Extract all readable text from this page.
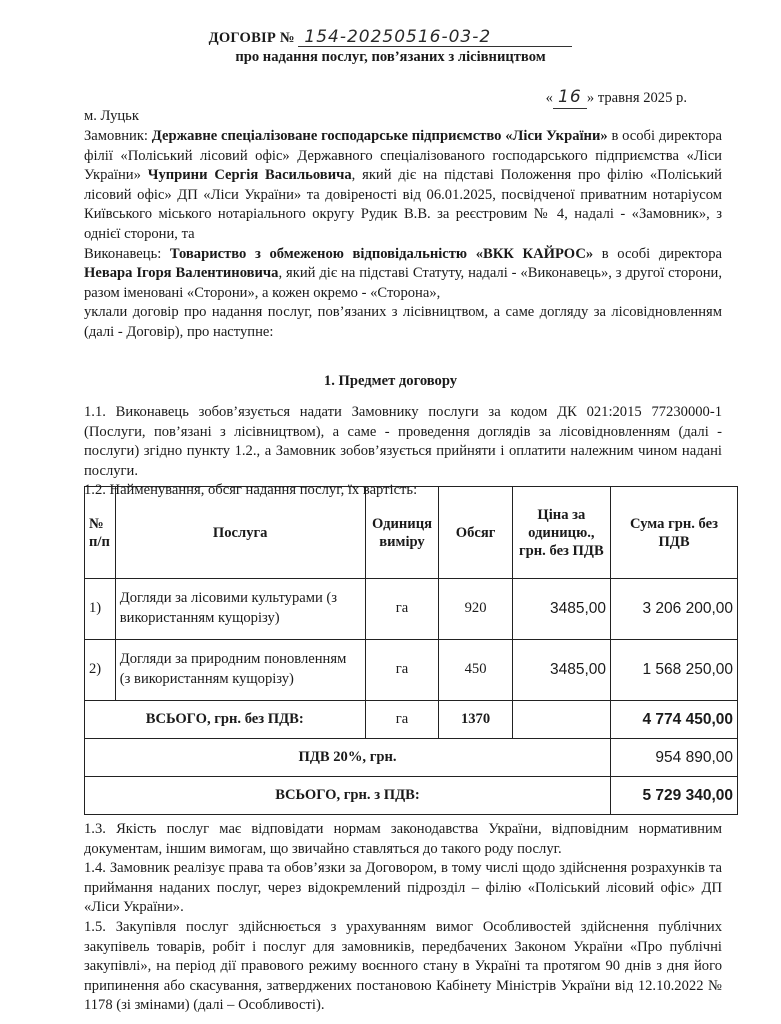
ДОГОВІР № 154-20250516-03-2
про надання послуг, пов’язаних з лісівництвом
« 16 » травня 2025 р.
м. Луцьк

Замовник: Державне спеціалізоване господарське підприємство «Ліси України» в особі директора філії «Поліський лісовий офіс» Державного спеціалізованого господарського підприємства «Ліси України» Чуприни Сергія Васильовича, який діє на підставі Положення про філію «Поліський лісовий офіс» ДП «Ліси України» та довіреності від 06.01.2025, посвідченої приватним нотаріусом Київського міського нотаріального округу Рудик В.В. за реєстровим № 4, надалі - «Замовник», з однієї сторони, та

Виконавець: Товариство з обмеженою відповідальністю «ВКК КАЙРОС» в особі директора Невара Ігоря Валентиновича, який діє на підставі Статуту, надалі - «Виконавець», з другої сторони, разом іменовані «Сторони», а кожен окремо - «Сторона»,

уклали договір про надання послуг, пов’язаних з лісівництвом, а саме догляду за лісовідновленням (далі - Договір), про наступне:

1. Предмет договору

1.1. Виконавець зобов’язується надати Замовнику послуги за кодом ДК 021:2015 77230000-1 (Послуги, пов’язані з лісівництвом), а саме - проведення доглядів за лісовідновленням (далі - послуги) згідно пункту 1.2., а Замовник зобов’язується прийняти і оплатити належним чином надані послуги.

1.2. Найменування, обсяг надання послуг, їх вартість:

№ п/п	Послуга	Одиниця виміру	Обсяг	Ціна за одиницю., грн. без ПДВ	Сума грн. без ПДВ
1)	Догляди за лісовими культурами (з використанням кущорізу)	га	920	3485,00	3 206 200,00
2)	Догляди за природним поновленням (з використанням кущорізу)	га	450	3485,00	1 568 250,00
ВСЬОГО, грн. без ПДВ:		га	1370		4 774 450,00
ПДВ 20%, грн.					954 890,00
ВСЬОГО, грн. з ПДВ:					5 729 340,00

1.3. Якість послуг має відповідати нормам законодавства України, відповідним нормативним документам, іншим вимогам, що звичайно ставляться до такого роду послуг.

1.4. Замовник реалізує права та обов’язки за Договором, в тому числі щодо здійснення розрахунків та приймання наданих послуг, через відокремлений підрозділ – філію «Поліський лісовий офіс» ДП «Ліси України».

1.5. Закупівля послуг здійснюється з урахуванням вимог Особливостей здійснення публічних закупівель товарів, робіт і послуг для замовників, передбачених Законом України «Про публічні закупівлі», на період дії правового режиму воєнного стану в Україні та протягом 90 днів з дня його припинення або скасування, затверджених постановою Кабінету Міністрів України від 12.10.2022 № 1178 (зі змінами) (далі – Особливості).
